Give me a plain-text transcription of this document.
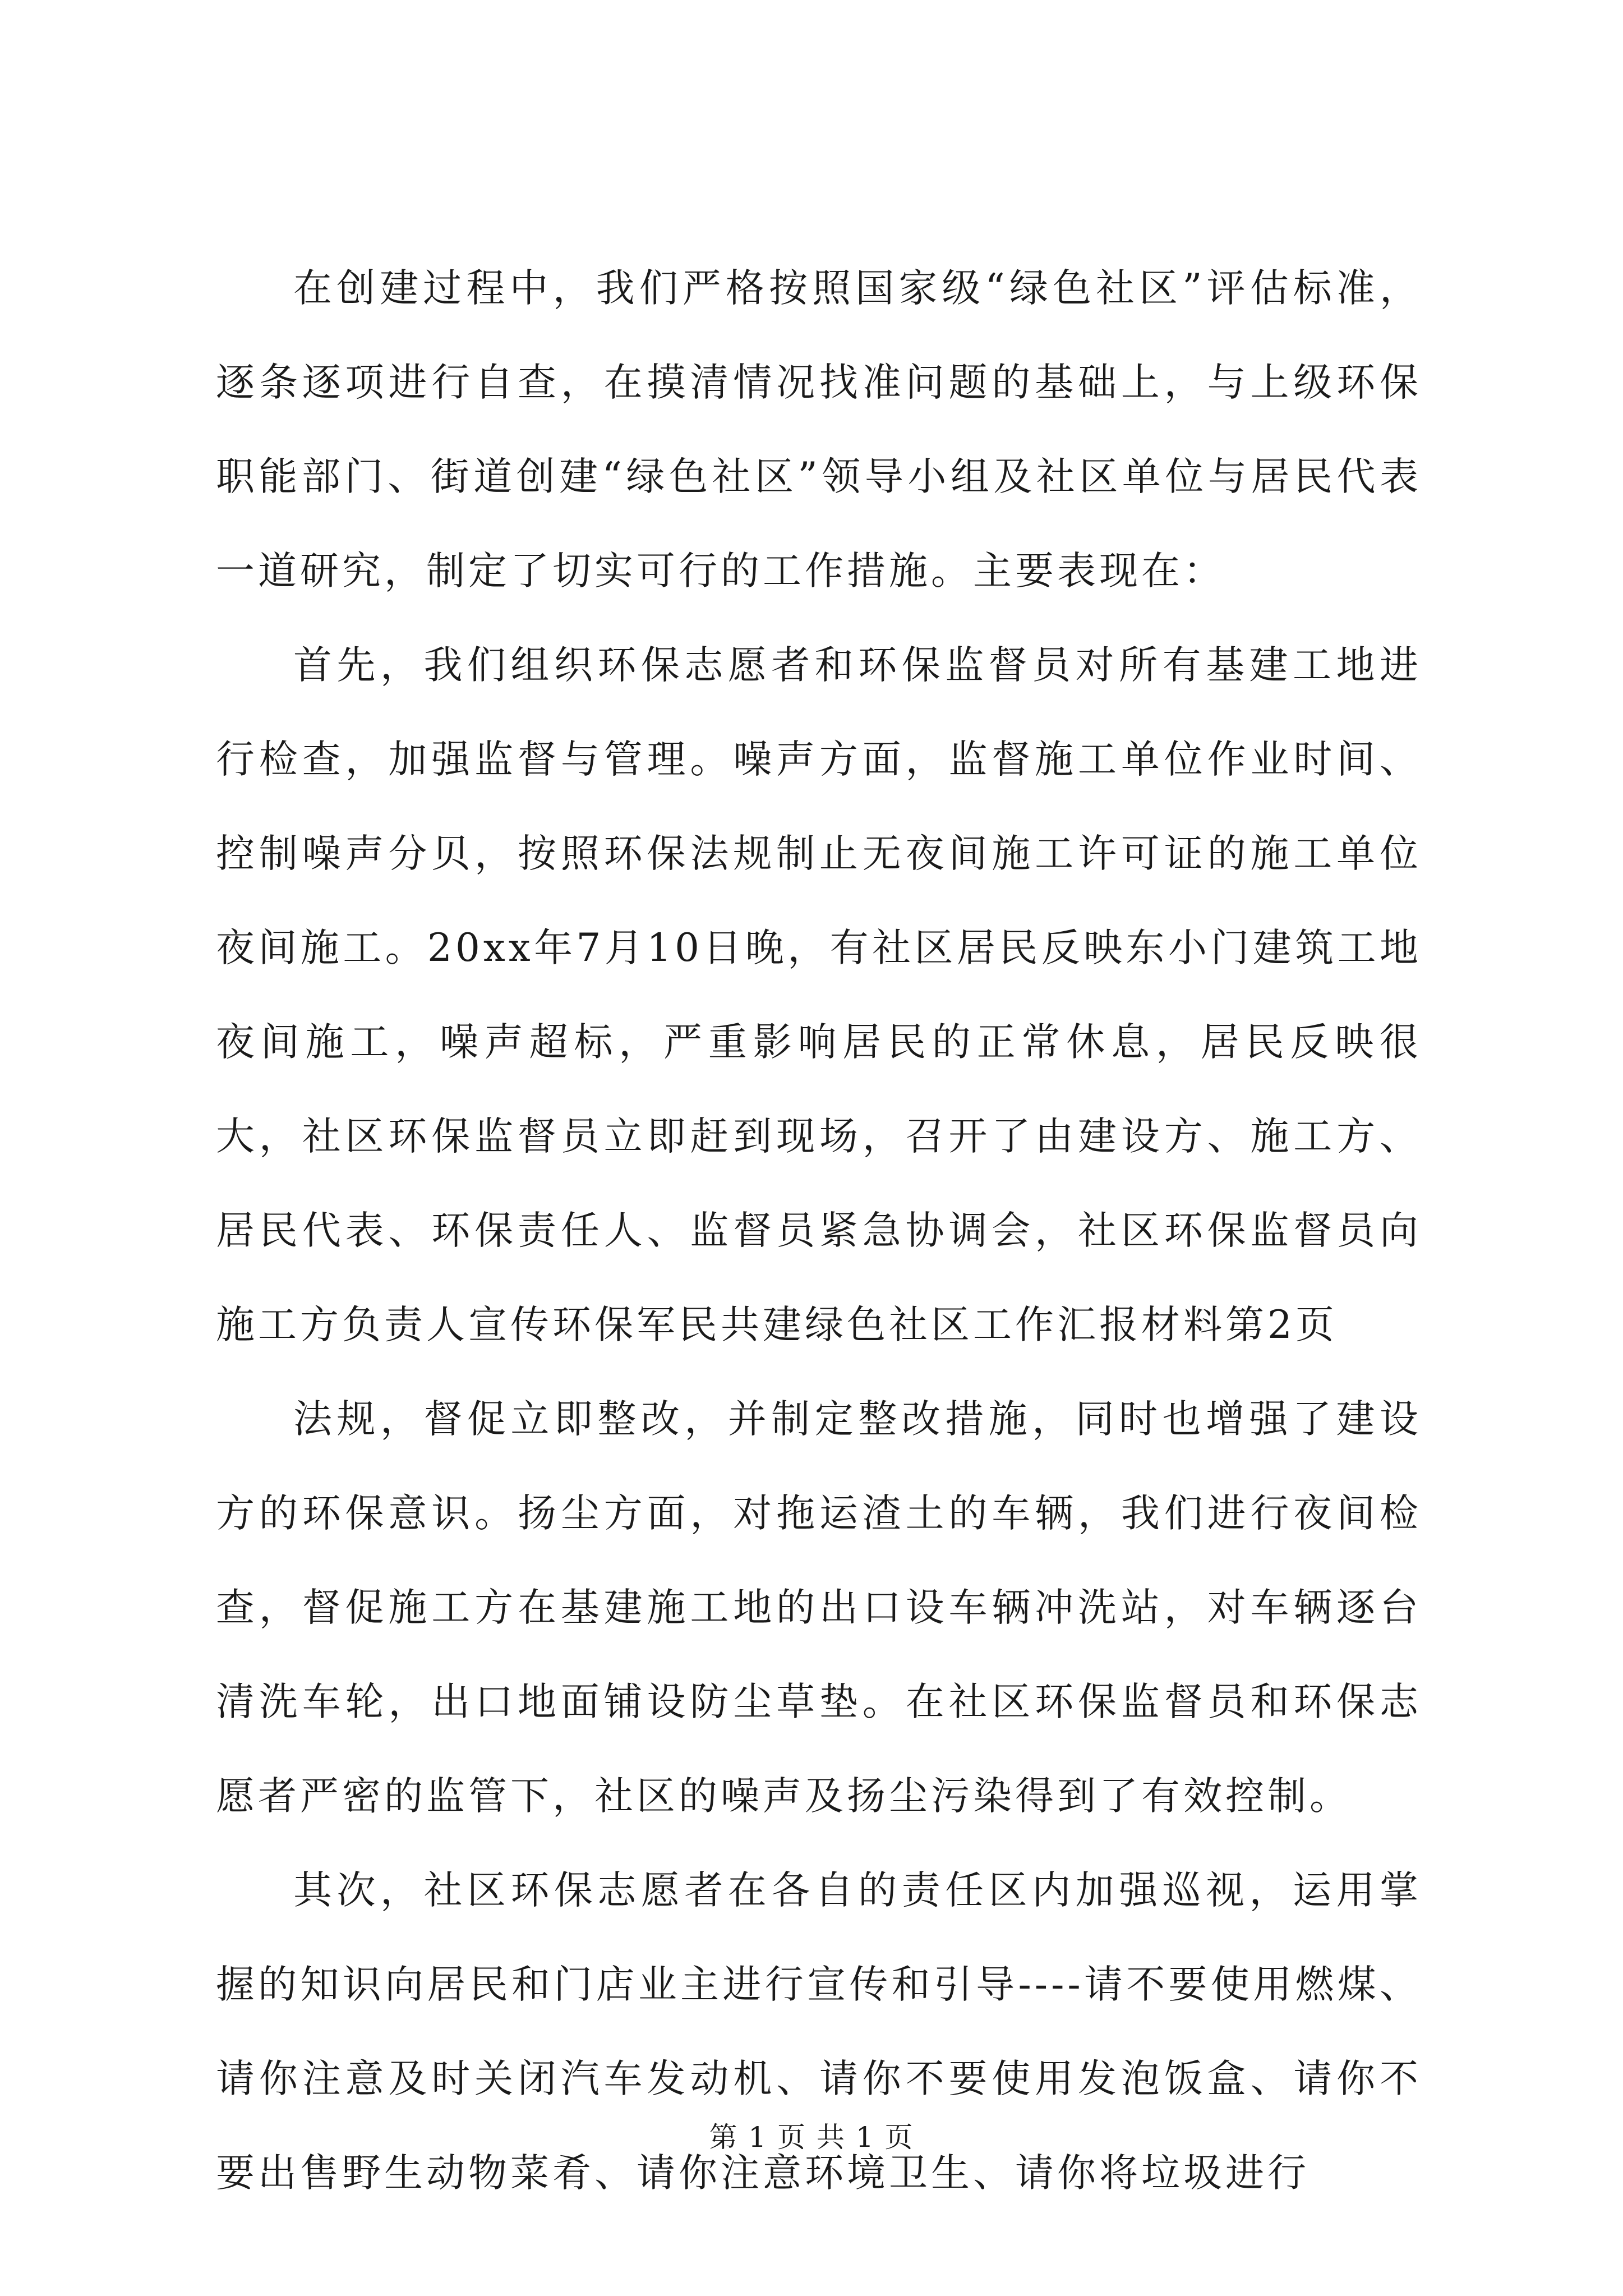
在创建过程中，我们严格按照国家级“绿色社区”评估标准，逐条逐项进行自查，在摸清情况找准问题的基础上，与上级环保职能部门、街道创建“绿色社区”领导小组及社区单位与居民代表一道研究，制定了切实可行的工作措施。主要表现在：

首先，我们组织环保志愿者和环保监督员对所有基建工地进行检查，加强监督与管理。噪声方面，监督施工单位作业时间、控制噪声分贝，按照环保法规制止无夜间施工许可证的施工单位夜间施工。20xx年7月10日晚，有社区居民反映东小门建筑工地夜间施工，噪声超标，严重影响居民的正常休息，居民反映很大，社区环保监督员立即赶到现场，召开了由建设方、施工方、居民代表、环保责任人、监督员紧急协调会，社区环保监督员向施工方负责人宣传环保军民共建绿色社区工作汇报材料第2页

法规，督促立即整改，并制定整改措施，同时也增强了建设方的环保意识。扬尘方面，对拖运渣土的车辆，我们进行夜间检查，督促施工方在基建施工地的出口设车辆冲洗站，对车辆逐台清洗车轮，出口地面铺设防尘草垫。在社区环保监督员和环保志愿者严密的监管下，社区的噪声及扬尘污染得到了有效控制。

其次，社区环保志愿者在各自的责任区内加强巡视，运用掌握的知识向居民和门店业主进行宣传和引导----请不要使用燃煤、请你注意及时关闭汽车发动机、请你不要使用发泡饭盒、请你不要出售野生动物菜肴、请你注意环境卫生、请你将垃圾进行

第 1 页 共 1 页
